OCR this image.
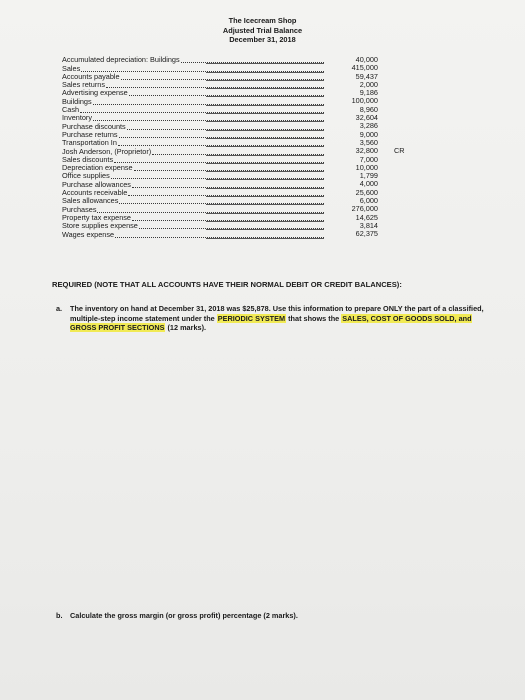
The Icecream Shop
Adjusted Trial Balance
December 31, 2018
Accumulated depreciation: Buildings	40,000
Sales	415,000
Accounts payable	59,437
Sales returns	2,000
Advertising expense	9,186
Buildings	100,000
Cash	8,960
Inventory	32,604
Purchase discounts	3,286
Purchase returns	9,000
Transportation In	3,560
Josh Anderson, (Proprietor)	32,800 CR
Sales discounts	7,000
Depreciation expense	10,000
Office supplies	1,799
Purchase allowances	4,000
Accounts receivable	25,600
Sales allowances	6,000
Purchases	276,000
Property tax expense	14,625
Store supplies expense	3,814
Wages expense	62,375
REQUIRED (NOTE THAT ALL ACCOUNTS HAVE THEIR NORMAL DEBIT OR CREDIT BALANCES):
a.	The inventory on hand at December 31, 2018 was $25,878. Use this information to prepare ONLY the part of a classified, multiple-step income statement under the PERIODIC SYSTEM that shows the SALES, COST OF GOODS SOLD, and GROSS PROFIT SECTIONS (12 marks).
b.	Calculate the gross margin (or gross profit) percentage (2 marks).
